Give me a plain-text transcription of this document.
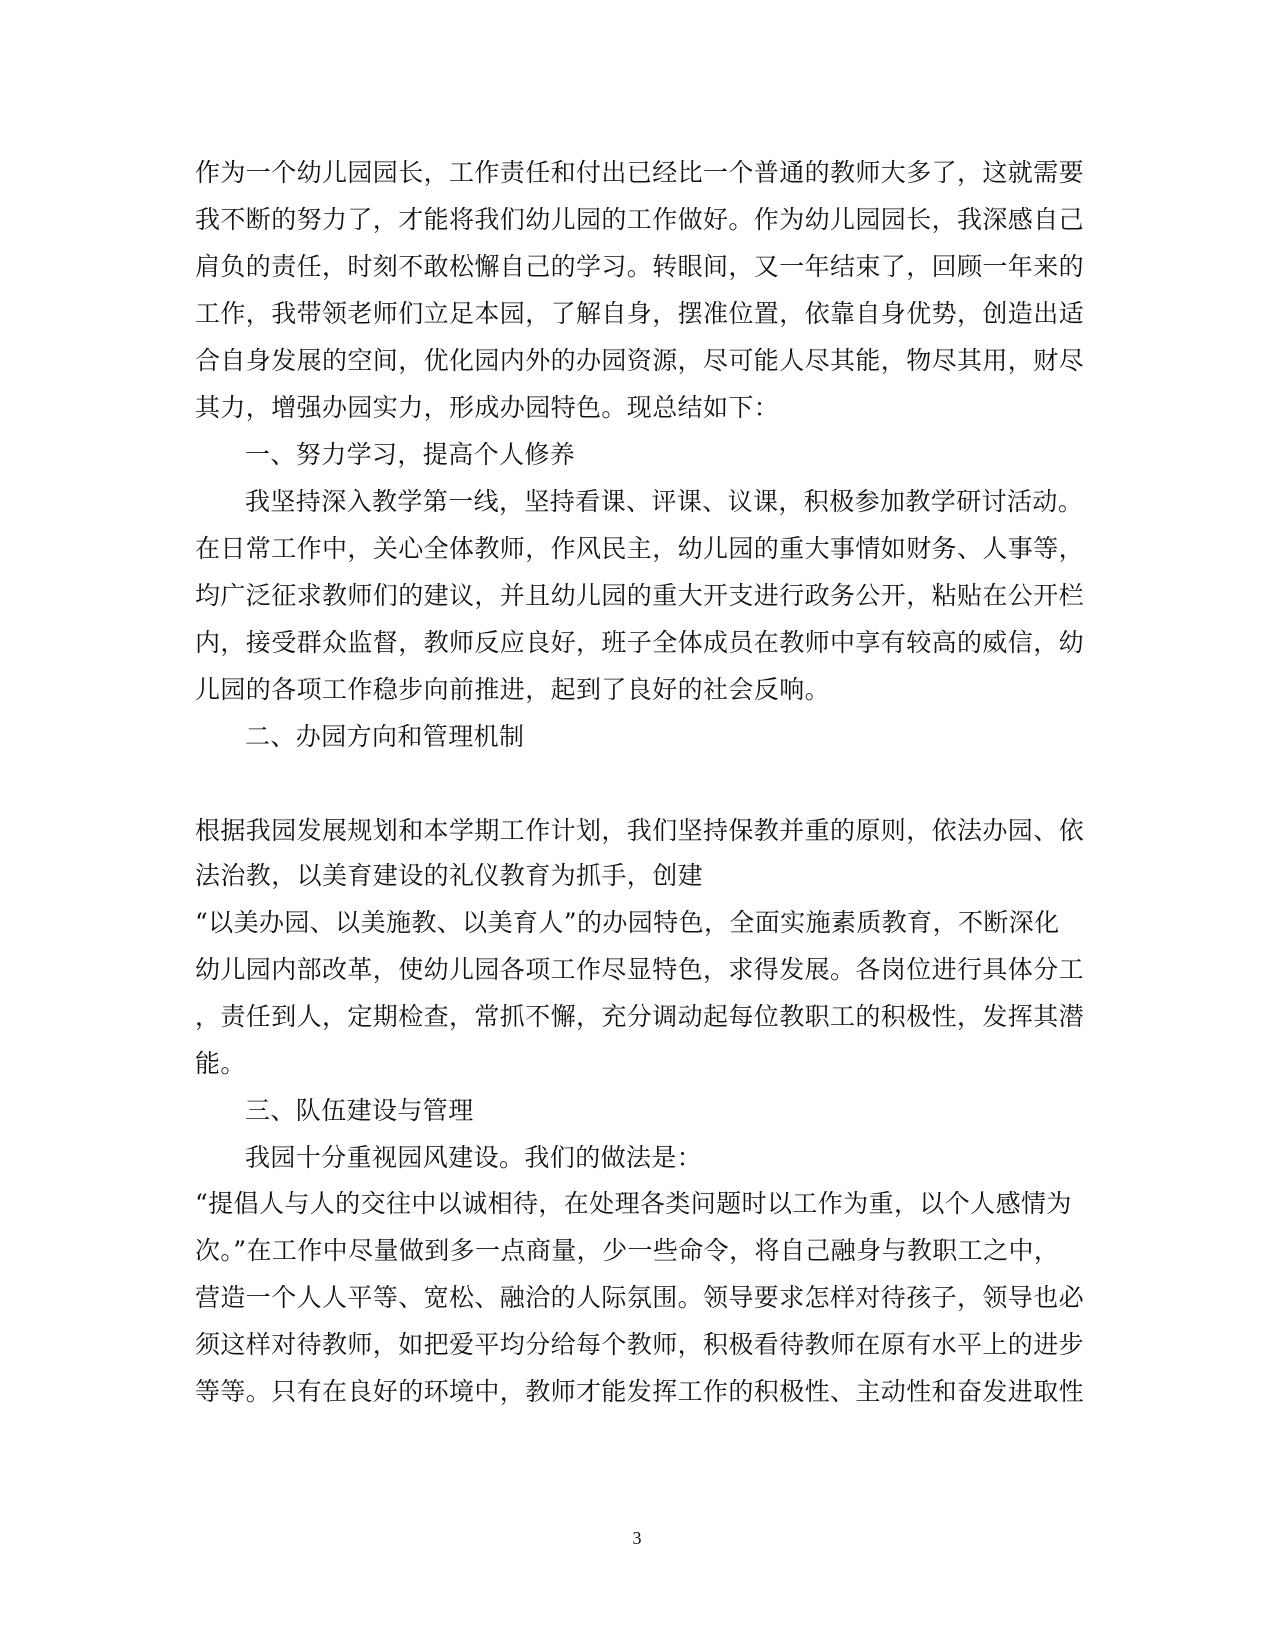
作为一个幼儿园园长，工作责任和付出已经比一个普通的教师大多了，这就需要
我不断的努力了，才能将我们幼儿园的工作做好。作为幼儿园园长，我深感自己
肩负的责任，时刻不敢松懈自己的学习。转眼间，又一年结束了，回顾一年来的
工作，我带领老师们立足本园，了解自身，摆准位置，依靠自身优势，创造出适
合自身发展的空间，优化园内外的办园资源，尽可能人尽其能，物尽其用，财尽
其力，增强办园实力，形成办园特色。现总结如下：
一、努力学习，提高个人修养
我坚持深入教学第一线，坚持看课、评课、议课，积极参加教学研讨活动。
在日常工作中，关心全体教师，作风民主，幼儿园的重大事情如财务、人事等，
均广泛征求教师们的建议，并且幼儿园的重大开支进行政务公开，粘贴在公开栏
内，接受群众监督，教师反应良好，班子全体成员在教师中享有较高的威信，幼
儿园的各项工作稳步向前推进，起到了良好的社会反响。
二、办园方向和管理机制
根据我园发展规划和本学期工作计划，我们坚持保教并重的原则，依法办园、依
法治教，以美育建设的礼仪教育为抓手，创建
“以美办园、以美施教、以美育人”的办园特色，全面实施素质教育，不断深化
幼儿园内部改革，使幼儿园各项工作尽显特色，求得发展。各岗位进行具体分工
，责任到人，定期检查，常抓不懈，充分调动起每位教职工的积极性，发挥其潜
能。
三、队伍建设与管理
我园十分重视园风建设。我们的做法是：
“提倡人与人的交往中以诚相待，在处理各类问题时以工作为重，以个人感情为
次。”在工作中尽量做到多一点商量，少一些命令，将自己融身与教职工之中，
营造一个人人平等、宽松、融洽的人际氛围。领导要求怎样对待孩子，领导也必
须这样对待教师，如把爱平均分给每个教师，积极看待教师在原有水平上的进步
等等。只有在良好的环境中，教师才能发挥工作的积极性、主动性和奋发进取性
3
